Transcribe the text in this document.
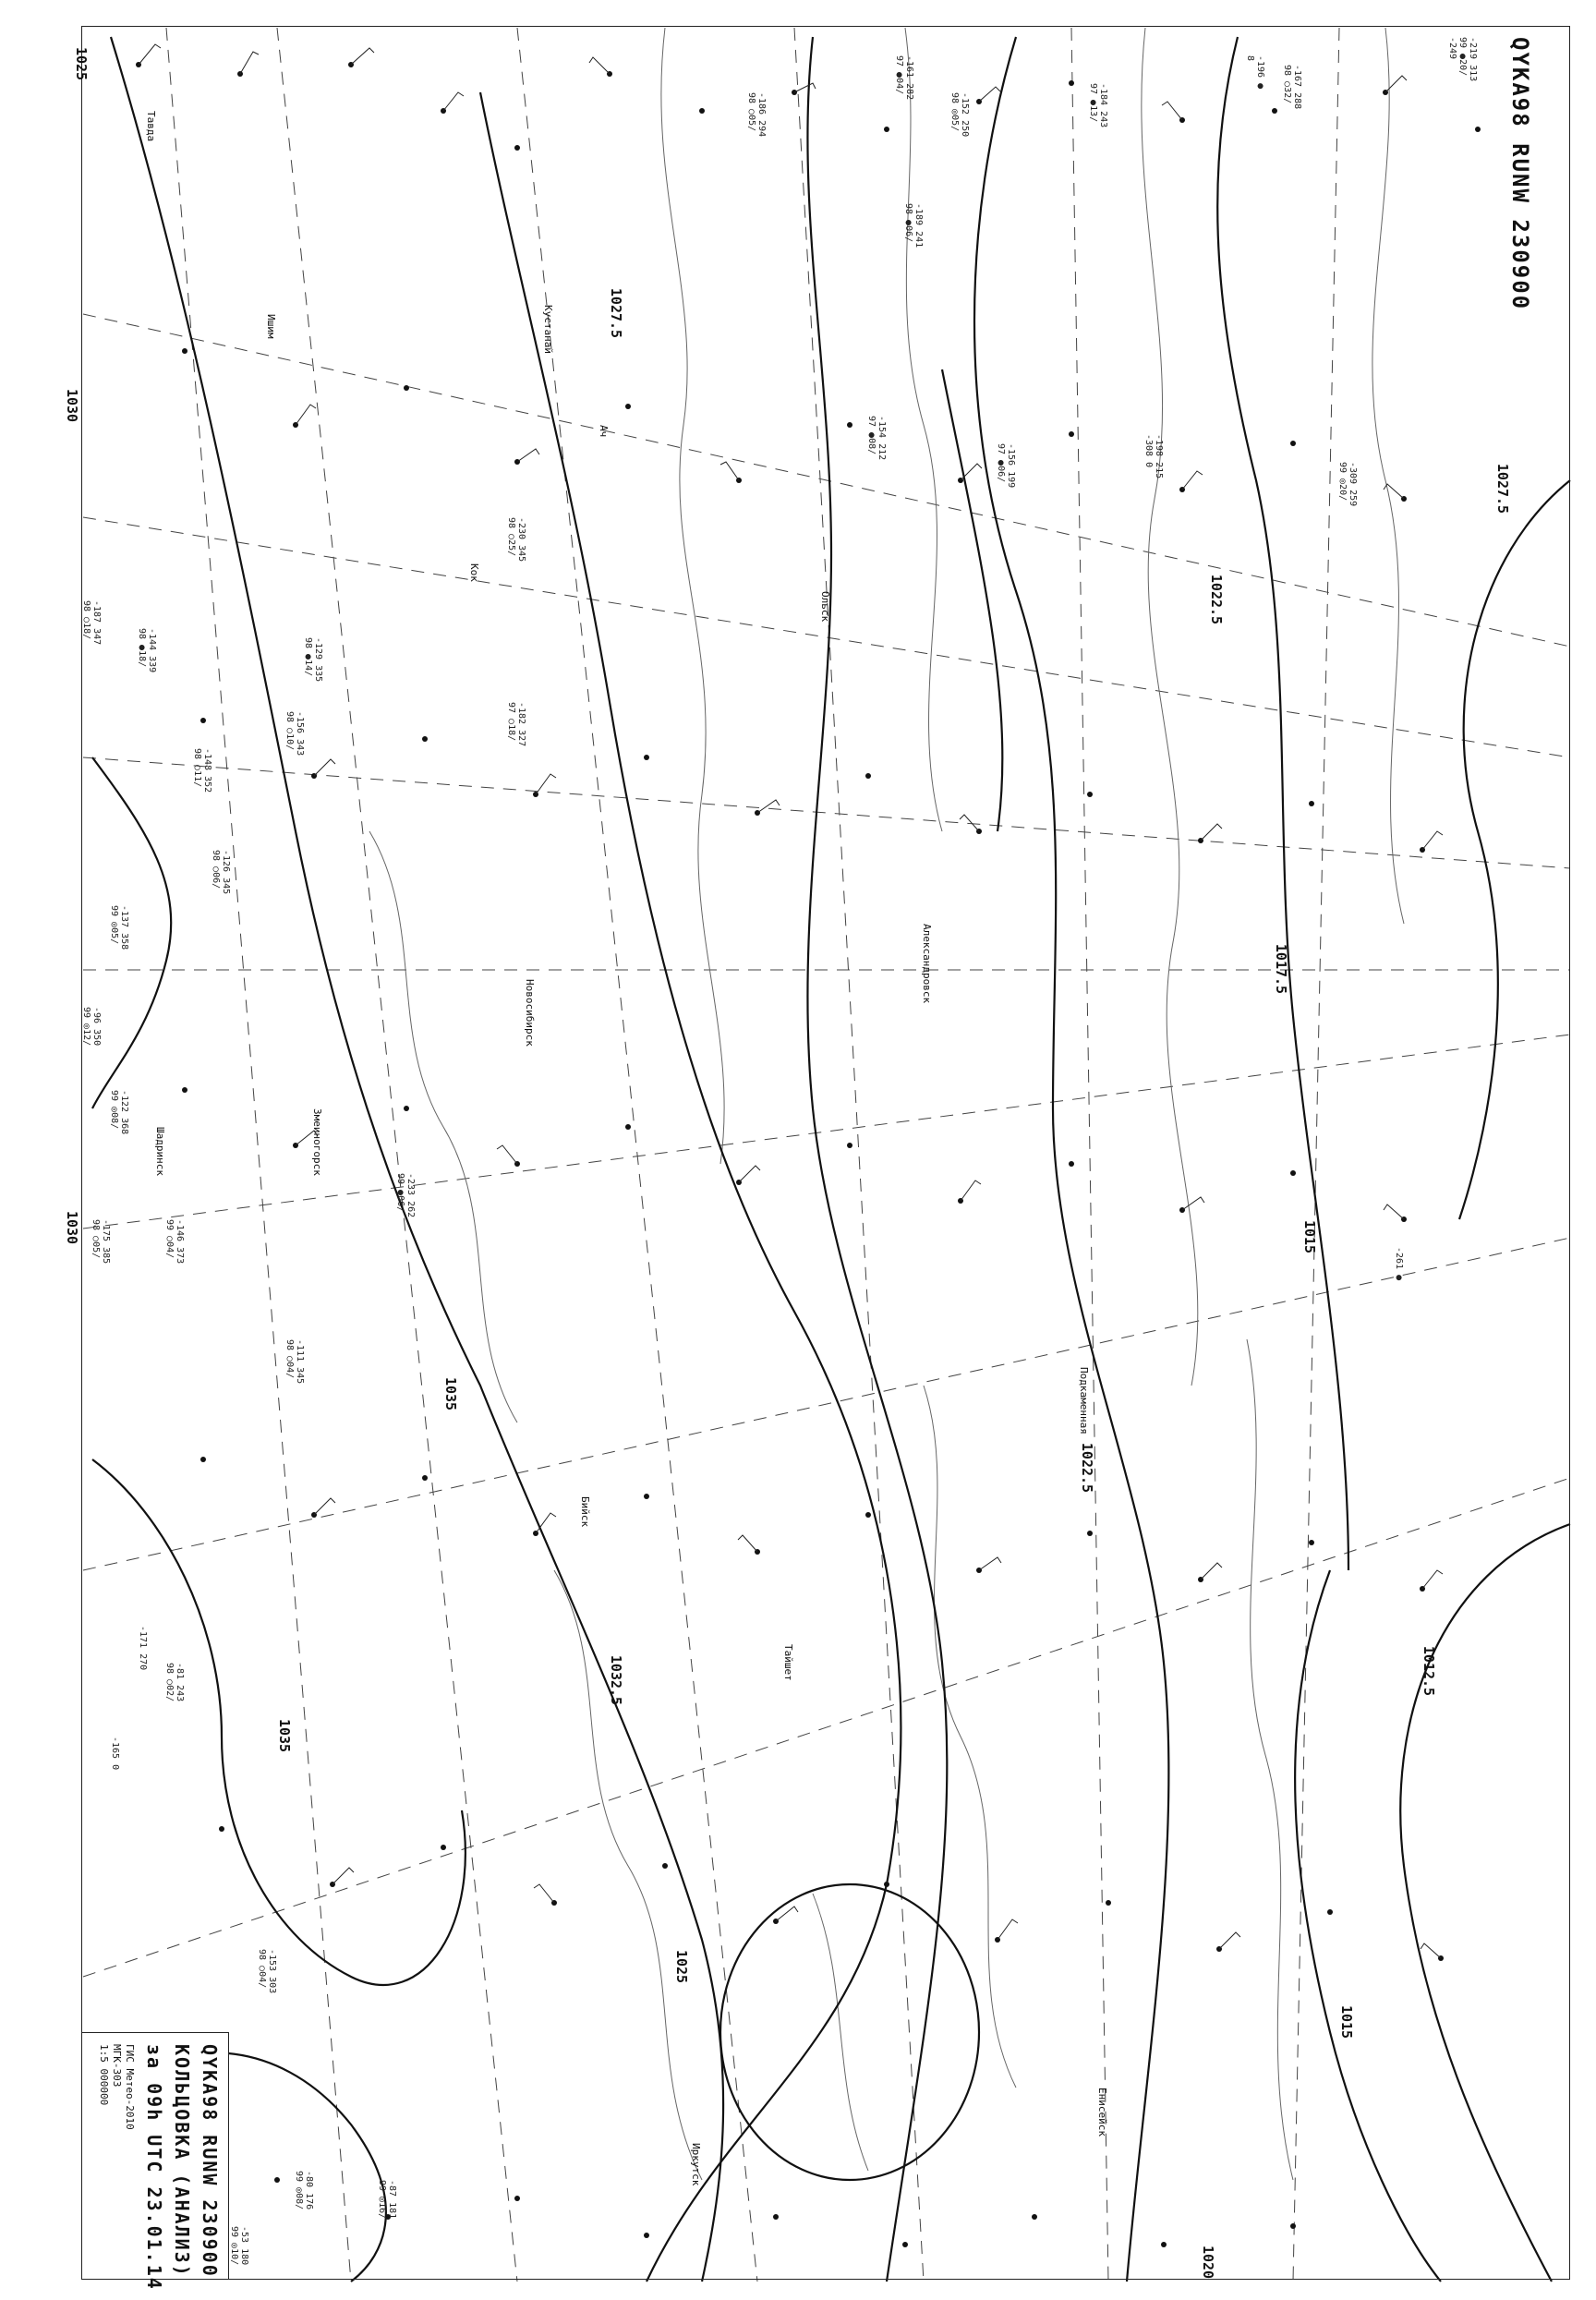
QYKA98 RUNW 230900
QYKA98 RUNW 230900
КОЛЬЦОВКА (АНАЛИЗ)
за 09h UTC 23.01.14
ГИС Метео-2010
МГК-303
1:5 000000
1027.5
1027.5
1025
1022.5
1017.5
1015
1012.5
1015
1022.5
1032.5
1035
1035
1025
1020
1030
1030
Кустанай
Ач
Кок
Новосибирск
Змеиногорск
Шадринск
Ольск
Александровск
Подкаменная
Енисейск
Ишим
Тайшет
Иркутск
Бийск
Тавда
-219 313
99 ●20/
-249
-167 288
98 ○32/
-196 ●
8
-184 243
97 ●13/
-152 250
98 ◎05/
-186 294
98 ○05/
-161 282
97 ●04/
-189 241
98 ●06/
-154 212
97 ●08/	-156 199
97 ●06/
-198 215
-308 0	-309 259
99 ◎20/
-230 345
98 ○25/
-182 327
97 ○18/
-187 347
98 ○18/	-144 339
98 ●18/	-129 335
98 ●14/
-156 343
98 ○10/
-148 352
98 ○11/
-126 345
98 ○06/
-137 358
99 ◎05/
-96 350
99 ◎12/
-122 368
99 ◎08/
-146 373
99 ○04/
-175 385
98 ○05/
-111 345
98 ○04/
-81 243
98 ○02/
-165 0
-153 303
98 ○04/
-80 176
99 ◎08/
-53 180
99 ◎10/
-87 181
99 ◎16/
-171 270
-233 262
99 ●06/
-261 ●
